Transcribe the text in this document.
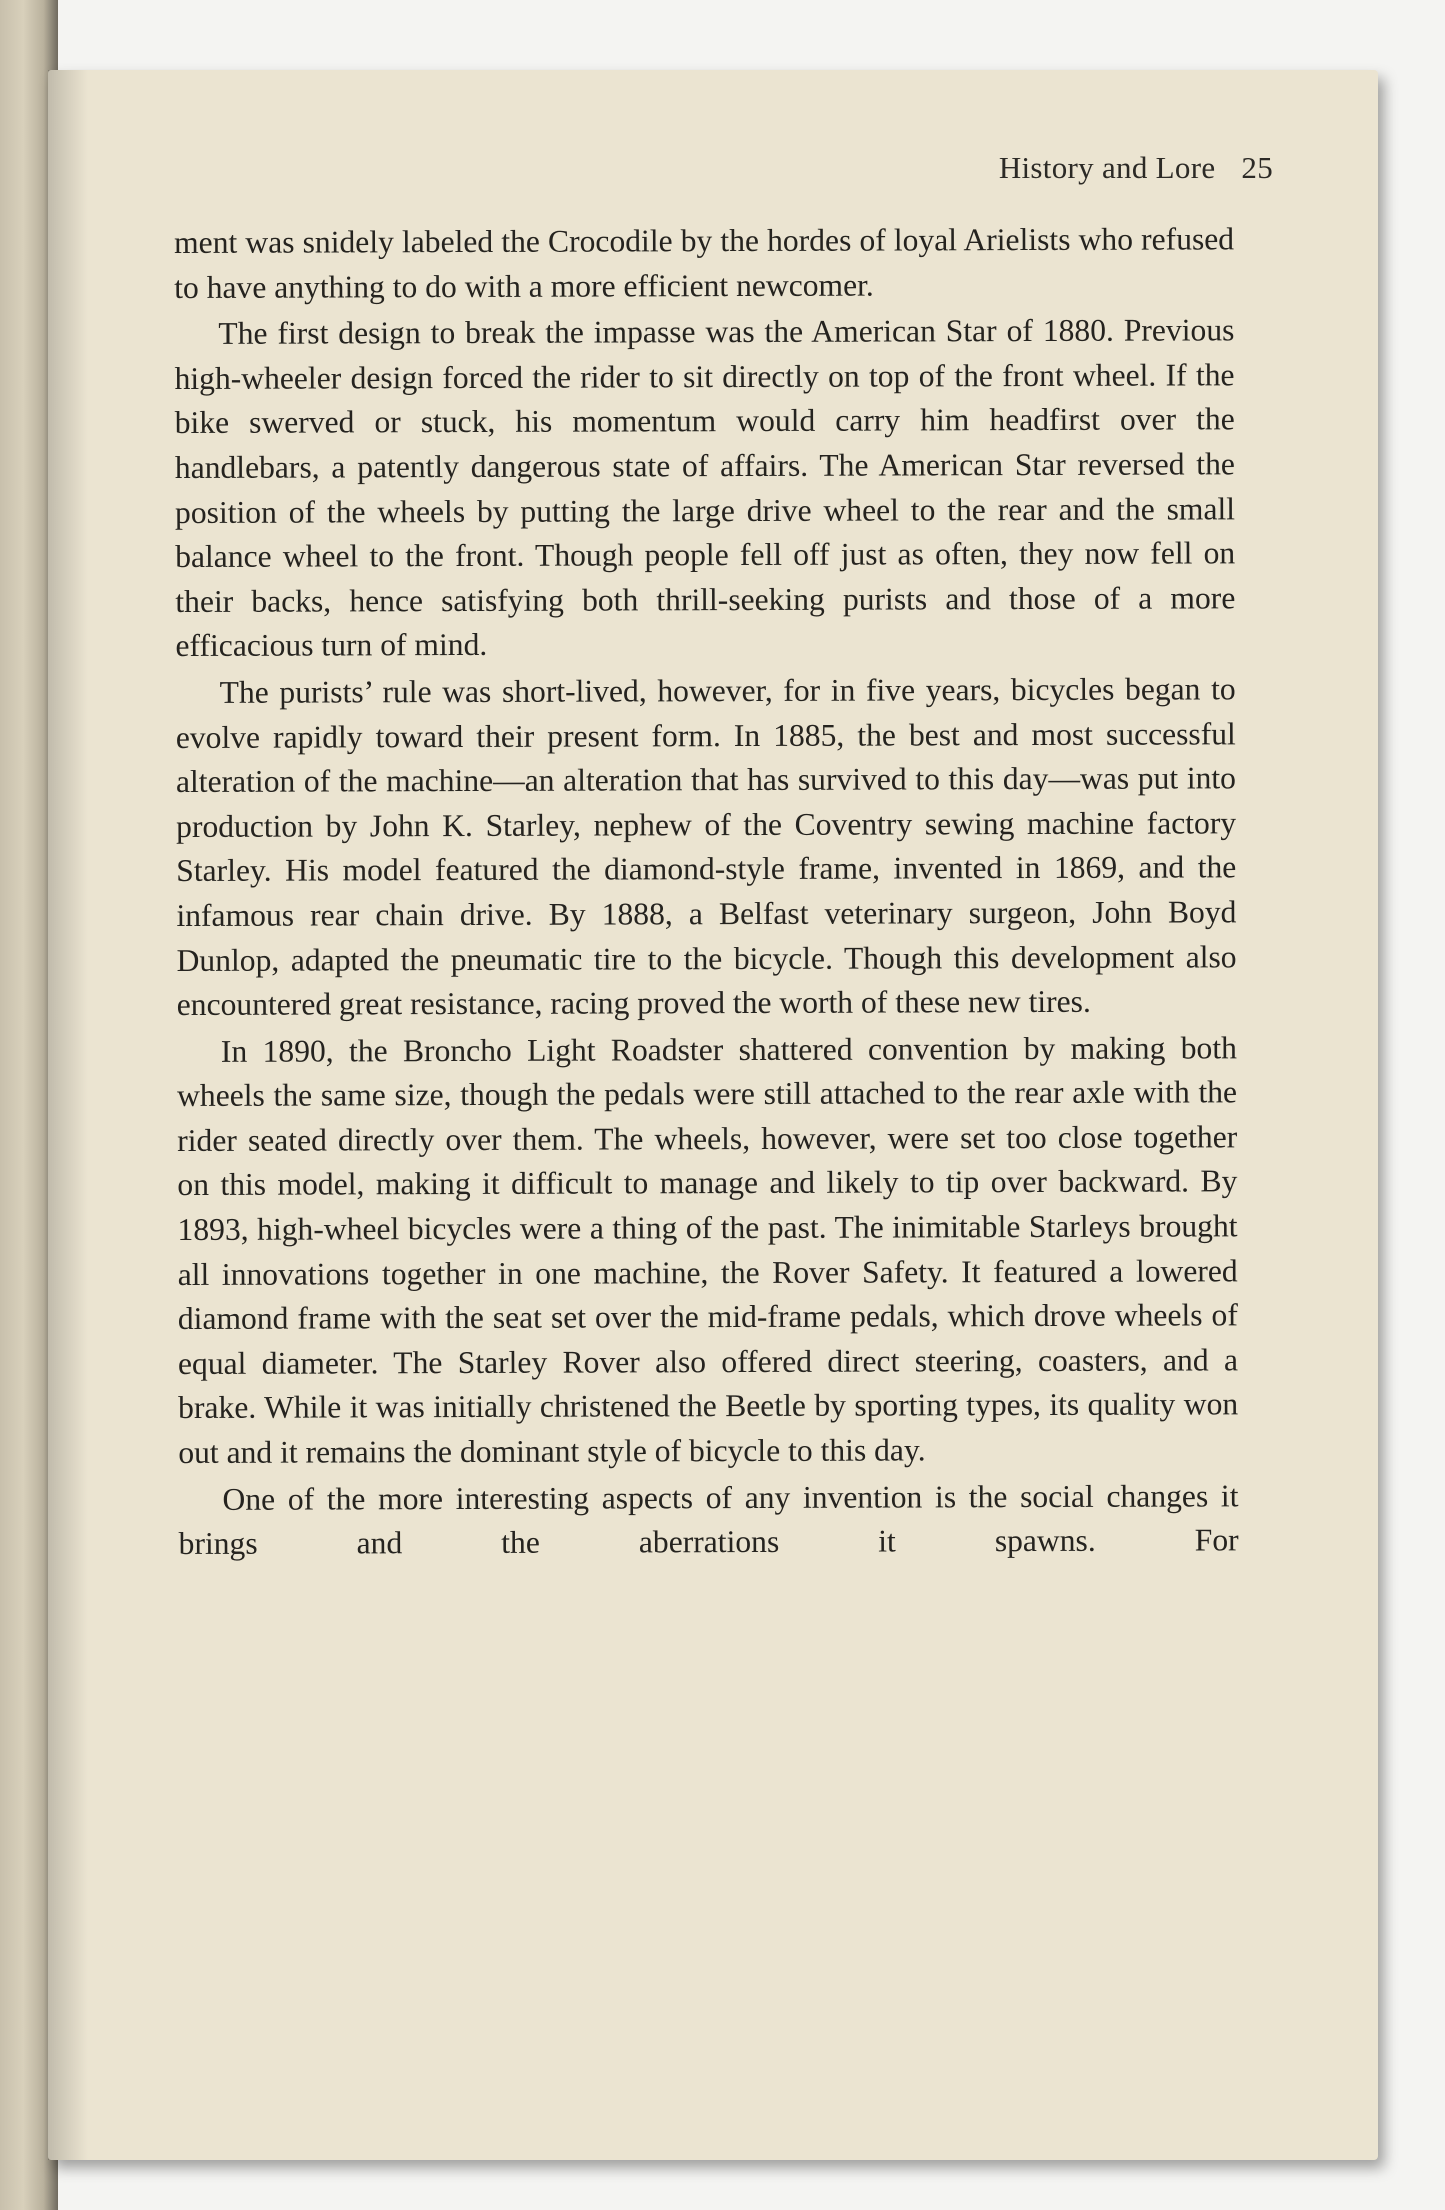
History and Lore 25

ment was snidely labeled the Crocodile by the hordes of loyal Arielists who refused to have anything to do with a more efficient newcomer.

The first design to break the impasse was the American Star of 1880. Previous high-wheeler design forced the rider to sit directly on top of the front wheel. If the bike swerved or stuck, his momentum would carry him headfirst over the handlebars, a patently dangerous state of affairs. The American Star reversed the position of the wheels by putting the large drive wheel to the rear and the small balance wheel to the front. Though people fell off just as often, they now fell on their backs, hence satisfying both thrill-seeking purists and those of a more efficacious turn of mind.

The purists’ rule was short-lived, however, for in five years, bicycles began to evolve rapidly toward their present form. In 1885, the best and most successful alteration of the machine—an alteration that has survived to this day—was put into production by John K. Starley, nephew of the Coventry sewing machine factory Starley. His model featured the diamond-style frame, invented in 1869, and the infamous rear chain drive. By 1888, a Belfast veterinary surgeon, John Boyd Dunlop, adapted the pneumatic tire to the bicycle. Though this development also encountered great resistance, racing proved the worth of these new tires.

In 1890, the Broncho Light Roadster shattered convention by making both wheels the same size, though the pedals were still attached to the rear axle with the rider seated directly over them. The wheels, however, were set too close together on this model, making it difficult to manage and likely to tip over backward. By 1893, high-wheel bicycles were a thing of the past. The inimitable Starleys brought all innovations together in one machine, the Rover Safety. It featured a lowered diamond frame with the seat set over the mid-frame pedals, which drove wheels of equal diameter. The Starley Rover also offered direct steering, coasters, and a brake. While it was initially christened the Beetle by sporting types, its quality won out and it remains the dominant style of bicycle to this day.

One of the more interesting aspects of any invention is the social changes it brings and the aberrations it spawns. For
